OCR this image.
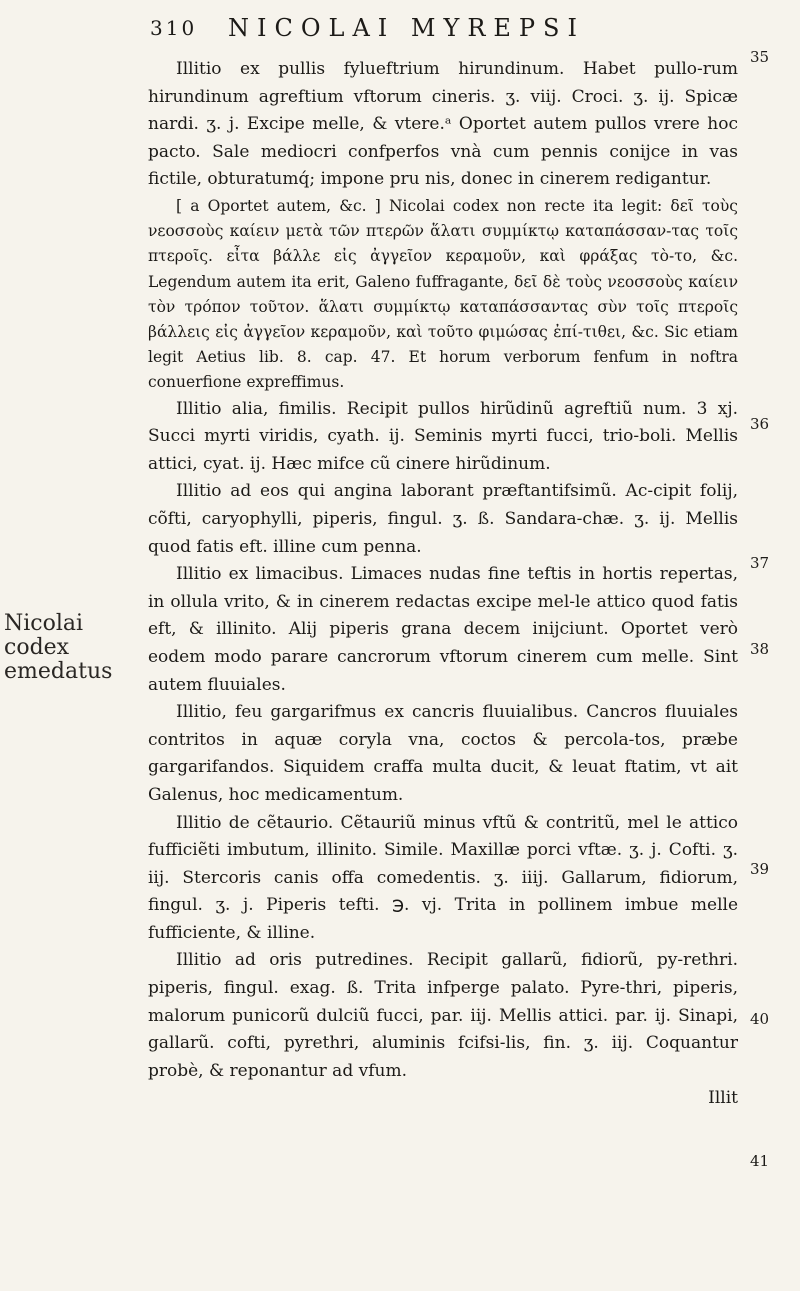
310 NICOLAI MYREPSI
Nicolai codex emedatus
35
36
37
38
39
40
41

Illitio ex pullis fylueftrium hirundinum. Habet pullo-rum hirundinum agreftium vftorum cineris. ʒ. viij. Croci. ʒ. ij. Spicæ nardi. ʒ. j. Excipe melle, & vtere.ᵃ Oportet autem pullos vrere hoc pacto. Sale mediocri confperfos vnà cum pennis conijce in vas fictile, obturatumq́; impone pru nis, donec in cinerem redigantur.

[ a Oportet autem, &c. ] Nicolai codex non recte ita legit: δεῖ τοὺς νεοσσοὺς καίειν μετὰ τῶν πτερῶν ἅλατι συμμίκτῳ καταπάσσαν-τας τοῖς πτεροῖς. εἶτα βάλλε εἰς ἀγγεῖον κεραμοῦν, καὶ φράξας τὸ-το, &c. Legendum autem ita erit, Galeno fuffragante, δεῖ δὲ τοὺς νεοσσοὺς καίειν τὸν τρόπον τοῦτον. ἅλατι συμμίκτῳ καταπάσσαντας σὺν τοῖς πτεροῖς βάλλεις εἰς ἀγγεῖον κεραμοῦν, καὶ τοῦτο φιμώσας ἐπί-τιθει, &c. Sic etiam legit Aetius lib. 8. cap. 47. Et horum verborum fenfum in noftra conuerfione expreffimus.

Illitio alia, fimilis. Recipit pullos hirũdinũ agreftiũ num. 3 xj. Succi myrti viridis, cyath. ij. Seminis myrti fucci, trio-boli. Mellis attici, cyat. ij. Hæc mifce cũ cinere hirũdinum.

Illitio ad eos qui angina laborant præftantifsimũ. Ac-cipit folij, cõfti, caryophylli, piperis, fingul. ʒ. ß. Sandara-chæ. ʒ. ij. Mellis quod fatis eft. illine cum penna.

Illitio ex limacibus. Limaces nudas fine teftis in hortis repertas, in ollula vrito, & in cinerem redactas excipe mel-le attico quod fatis eft, & illinito. Alij piperis grana decem inijciunt. Oportet verò eodem modo parare cancrorum vftorum cinerem cum melle. Sint autem fluuiales.

Illitio, feu gargarifmus ex cancris fluuialibus. Cancros fluuiales contritos in aquæ coryla vna, coctos & percola-tos, præbe gargarifandos. Siquidem craffa multa ducit, & leuat ftatim, vt ait Galenus, hoc medicamentum.

Illitio de cẽtaurio. Cẽtauriũ minus vftũ & contritũ, mel le attico fufficiẽti imbutum, illinito. Simile. Maxillæ porci vftæ. ʒ. j. Cofti. ʒ. iij. Stercoris canis offa comedentis. ʒ. iiij. Gallarum, fidiorum, fingul. ʒ. j. Piperis tefti. ℈. vj. Trita in pollinem imbue melle fufficiente, & illine.

Illitio ad oris putredines. Recipit gallarũ, fidiorũ, py-rethri. piperis, fingul. exag. ß. Trita infperge palato. Pyre-thri, piperis, malorum punicorũ dulciũ fucci, par. iij. Mellis attici. par. ij. Sinapi, gallarũ. cofti, pyrethri, aluminis fcifsi-lis, fin. ʒ. iij. Coquantur probè, & reponantur ad vfum.

Illit
